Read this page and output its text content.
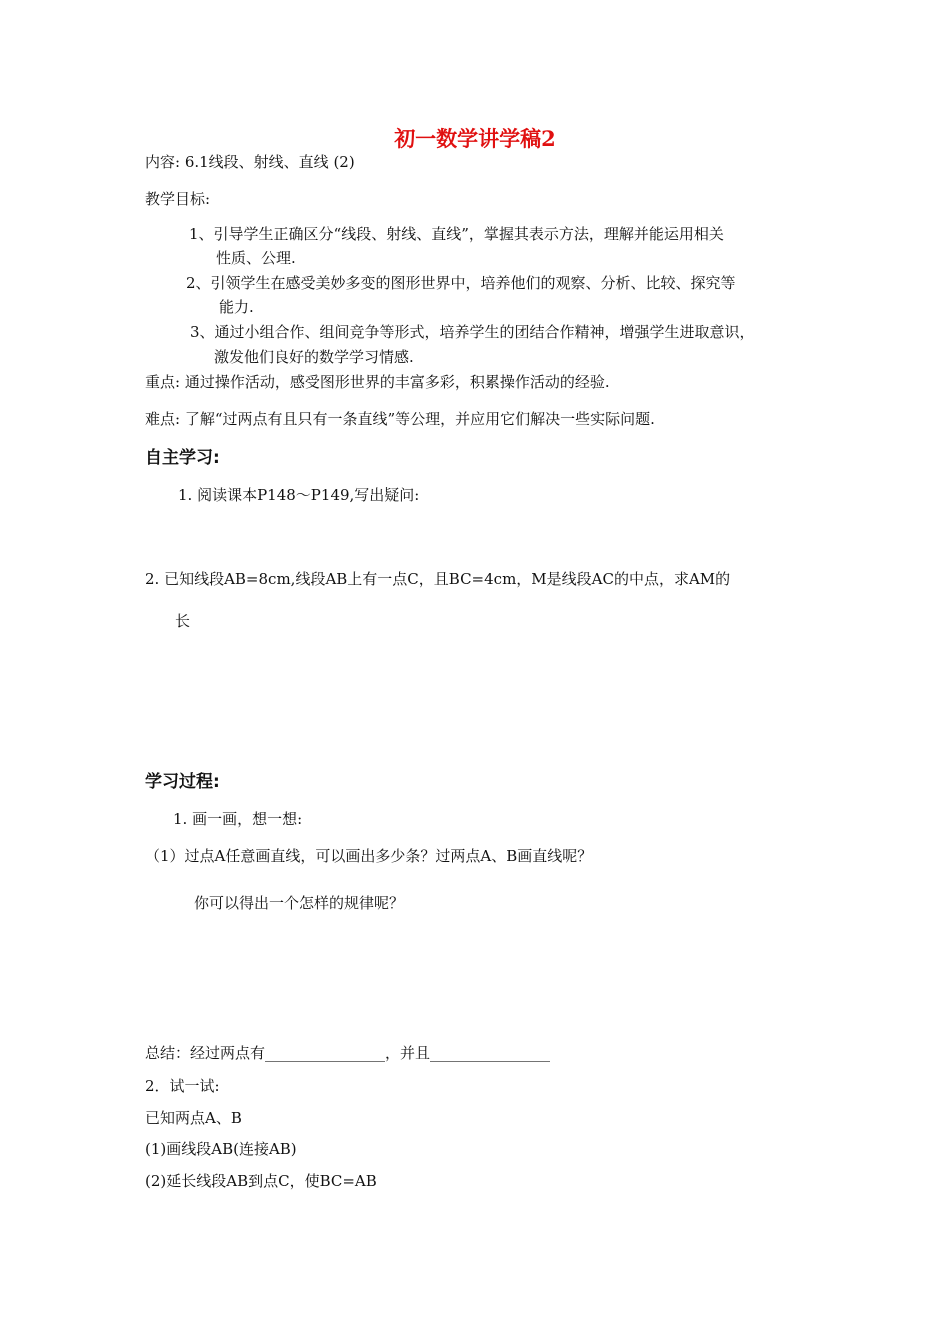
初一数学讲学稿2
内容: 6.1线段、射线、直线 (2)
教学目标:
1、引导学生正确区分“线段、射线、直线”，掌握其表示方法，理解并能运用相关
性质、公理.
2、引领学生在感受美妙多变的图形世界中，培养他们的观察、分析、比较、探究等
能力.
3、通过小组合作、组间竞争等形式，培养学生的团结合作精神，增强学生进取意识，
激发他们良好的数学学习情感.
重点: 通过操作活动，感受图形世界的丰富多彩，积累操作活动的经验.
难点: 了解“过两点有且只有一条直线”等公理，并应用它们解决一些实际问题.
自主学习:
1. 阅读课本P148～P149,写出疑问:
2. 已知线段AB=8cm,线段AB上有一点C，且BC=4cm，M是线段AC的中点，求AM的
长
学习过程:
1. 画一画，想一想:
（1）过点A任意画直线，可以画出多少条？过两点A、B画直线呢？
你可以得出一个怎样的规律呢？
总结：经过两点有________________，并且________________
2．试一试:
已知两点A、B
(1)画线段AB(连接AB)
(2)延长线段AB到点C，使BC=AB
